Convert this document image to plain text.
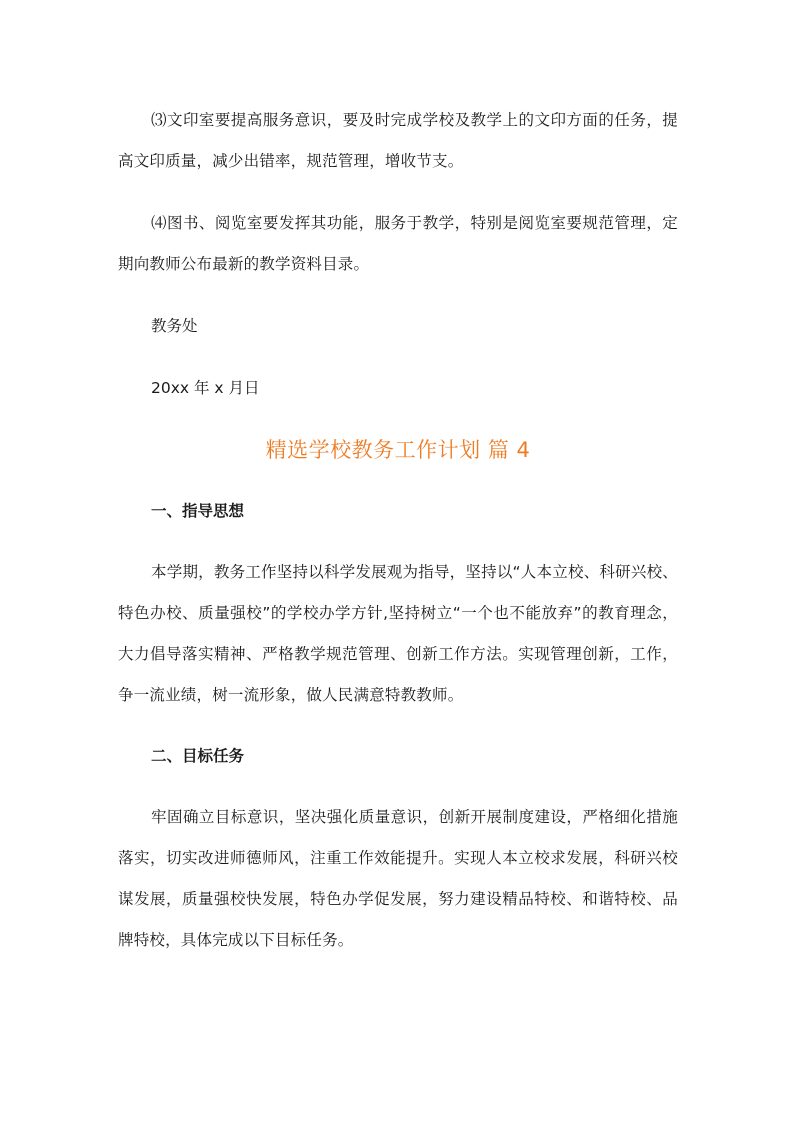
⑶文印室要提高服务意识，要及时完成学校及教学上的文印方面的任务，提高文印质量，减少出错率，规范管理，增收节支。

⑷图书、阅览室要发挥其功能，服务于教学，特别是阅览室要规范管理，定期向教师公布最新的教学资料目录。

教务处

20xx 年 x 月日

精选学校教务工作计划 篇 4

一、指导思想

本学期，教务工作坚持以科学发展观为指导，坚持以“人本立校、科研兴校、特色办校、质量强校”的学校办学方针,坚持树立“一个也不能放弃”的教育理念，大力倡导落实精神、严格教学规范管理、创新工作方法。实现管理创新，工作，争一流业绩，树一流形象，做人民满意特教教师。

二、目标任务

牢固确立目标意识，坚决强化质量意识，创新开展制度建设，严格细化措施落实，切实改进师德师风，注重工作效能提升。实现人本立校求发展，科研兴校谋发展，质量强校快发展，特色办学促发展，努力建设精品特校、和谐特校、品牌特校，具体完成以下目标任务。
